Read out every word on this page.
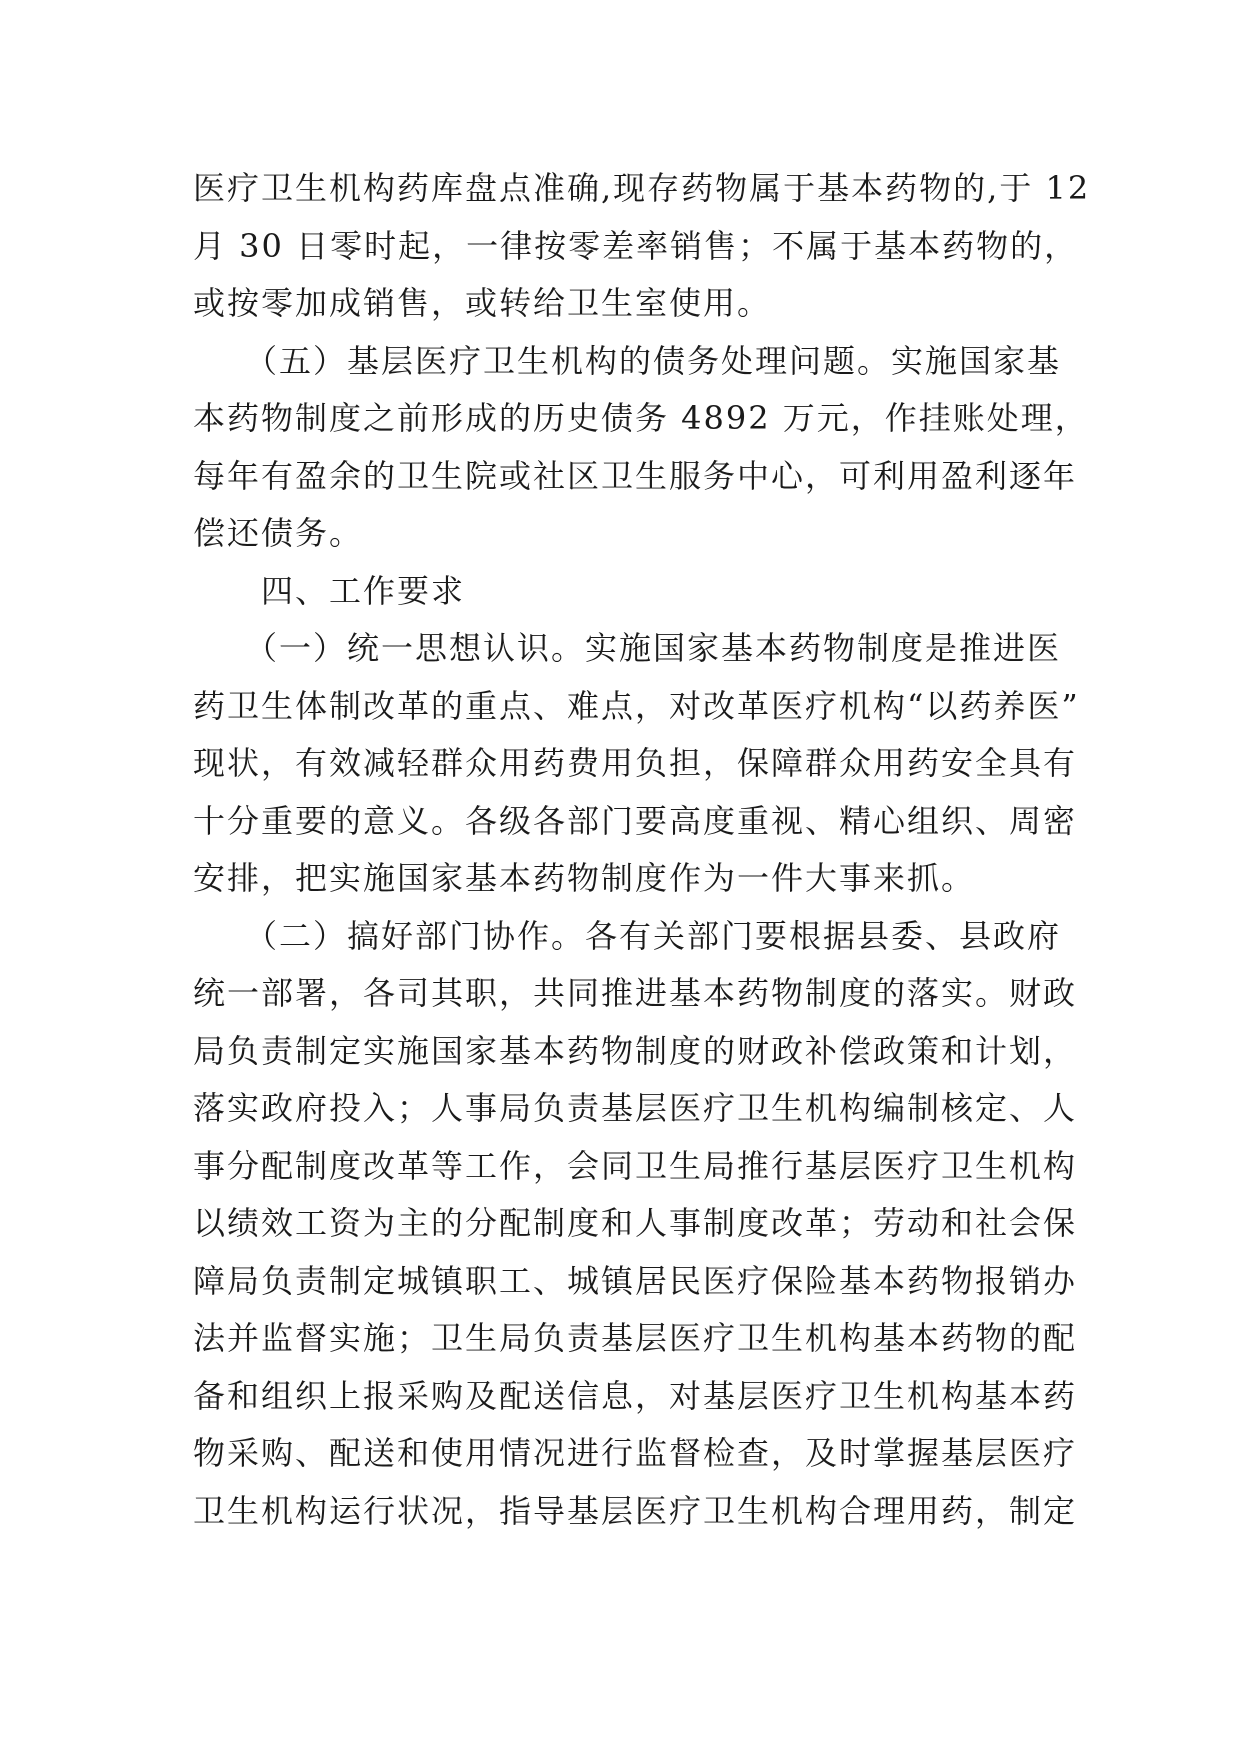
医疗卫生机构药库盘点准确,现存药物属于基本药物的,于 12
月 30 日零时起，一律按零差率销售；不属于基本药物的，
或按零加成销售，或转给卫生室使用。
　　（五）基层医疗卫生机构的债务处理问题。实施国家基
本药物制度之前形成的历史债务 4892 万元，作挂账处理，
每年有盈余的卫生院或社区卫生服务中心，可利用盈利逐年
偿还债务。
　　四、工作要求
　　（一）统一思想认识。实施国家基本药物制度是推进医
药卫生体制改革的重点、难点，对改革医疗机构“以药养医”
现状，有效减轻群众用药费用负担，保障群众用药安全具有
十分重要的意义。各级各部门要高度重视、精心组织、周密
安排，把实施国家基本药物制度作为一件大事来抓。
　　（二）搞好部门协作。各有关部门要根据县委、县政府
统一部署，各司其职，共同推进基本药物制度的落实。财政
局负责制定实施国家基本药物制度的财政补偿政策和计划，
落实政府投入；人事局负责基层医疗卫生机构编制核定、人
事分配制度改革等工作，会同卫生局推行基层医疗卫生机构
以绩效工资为主的分配制度和人事制度改革；劳动和社会保
障局负责制定城镇职工、城镇居民医疗保险基本药物报销办
法并监督实施；卫生局负责基层医疗卫生机构基本药物的配
备和组织上报采购及配送信息，对基层医疗卫生机构基本药
物采购、配送和使用情况进行监督检查，及时掌握基层医疗
卫生机构运行状况，指导基层医疗卫生机构合理用药，制定
